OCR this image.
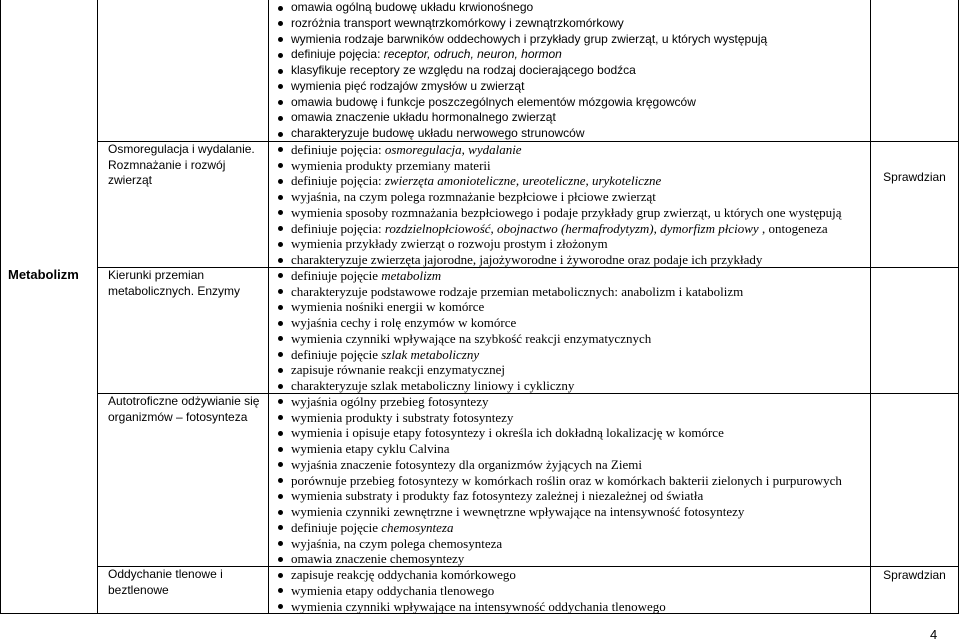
Metabolizm
omawia ogólną budowę układu krwionośnego
rozróżnia transport wewnątrzkomórkowy i zewnątrzkomórkowy
wymienia rodzaje barwników oddechowych i przykłady grup zwierząt, u których występują
definiuje pojęcia: receptor, odruch, neuron, hormon
klasyfikuje receptory ze względu na rodzaj docierającego bodźca
wymienia pięć rodzajów zmysłów u zwierząt
omawia budowę i funkcje poszczególnych elementów mózgowia kręgowców
omawia znaczenie układu hormonalnego zwierząt
charakteryzuje budowę układu nerwowego strunowców
Osmoregulacja i wydalanie.
Rozmnażanie i rozwój
zwierząt
definiuje pojęcia: osmoregulacja, wydalanie
wymienia produkty przemiany materii
definiuje pojęcia: zwierzęta amonioteliczne, ureoteliczne, urykoteliczne
wyjaśnia, na czym polega rozmnażanie bezpłciowe i płciowe zwierząt
wymienia sposoby rozmnażania bezpłciowego i podaje przykłady grup zwierząt, u których one występują
definiuje pojęcia: rozdzielnopłciowość, obojnactwo (hermafrodytyzm), dymorfizm płciowy , ontogeneza
wymienia przykłady zwierząt o rozwoju prostym i złożonym
charakteryzuje zwierzęta jajorodne, jajożyworodne i żyworodne oraz podaje ich przykłady
Sprawdzian
Kierunki przemian
metabolicznych. Enzymy
definiuje pojęcie metabolizm
charakteryzuje podstawowe rodzaje przemian metabolicznych: anabolizm i katabolizm
wymienia nośniki energii w komórce
wyjaśnia cechy i rolę enzymów w komórce
wymienia czynniki wpływające na szybkość reakcji enzymatycznych
definiuje pojęcie szlak metaboliczny
zapisuje równanie reakcji enzymatycznej
charakteryzuje szlak metaboliczny liniowy i cykliczny
Autotroficzne odżywianie się
organizmów – fotosynteza
wyjaśnia ogólny przebieg fotosyntezy
wymienia produkty i substraty fotosyntezy
wymienia i opisuje etapy fotosyntezy i określa ich dokładną lokalizację w komórce
wymienia etapy cyklu Calvina
wyjaśnia znaczenie fotosyntezy dla organizmów żyjących na Ziemi
porównuje przebieg fotosyntezy w komórkach roślin oraz w komórkach bakterii zielonych i purpurowych
wymienia substraty i produkty faz fotosyntezy zależnej i niezależnej od światła
wymienia czynniki zewnętrzne i wewnętrzne wpływające na intensywność fotosyntezy
definiuje pojęcie chemosynteza
wyjaśnia, na czym polega chemosynteza
omawia znaczenie chemosyntezy
Oddychanie tlenowe i
beztlenowe
zapisuje reakcję oddychania komórkowego
wymienia etapy oddychania tlenowego
wymienia czynniki wpływające na intensywność oddychania tlenowego
Sprawdzian
4
